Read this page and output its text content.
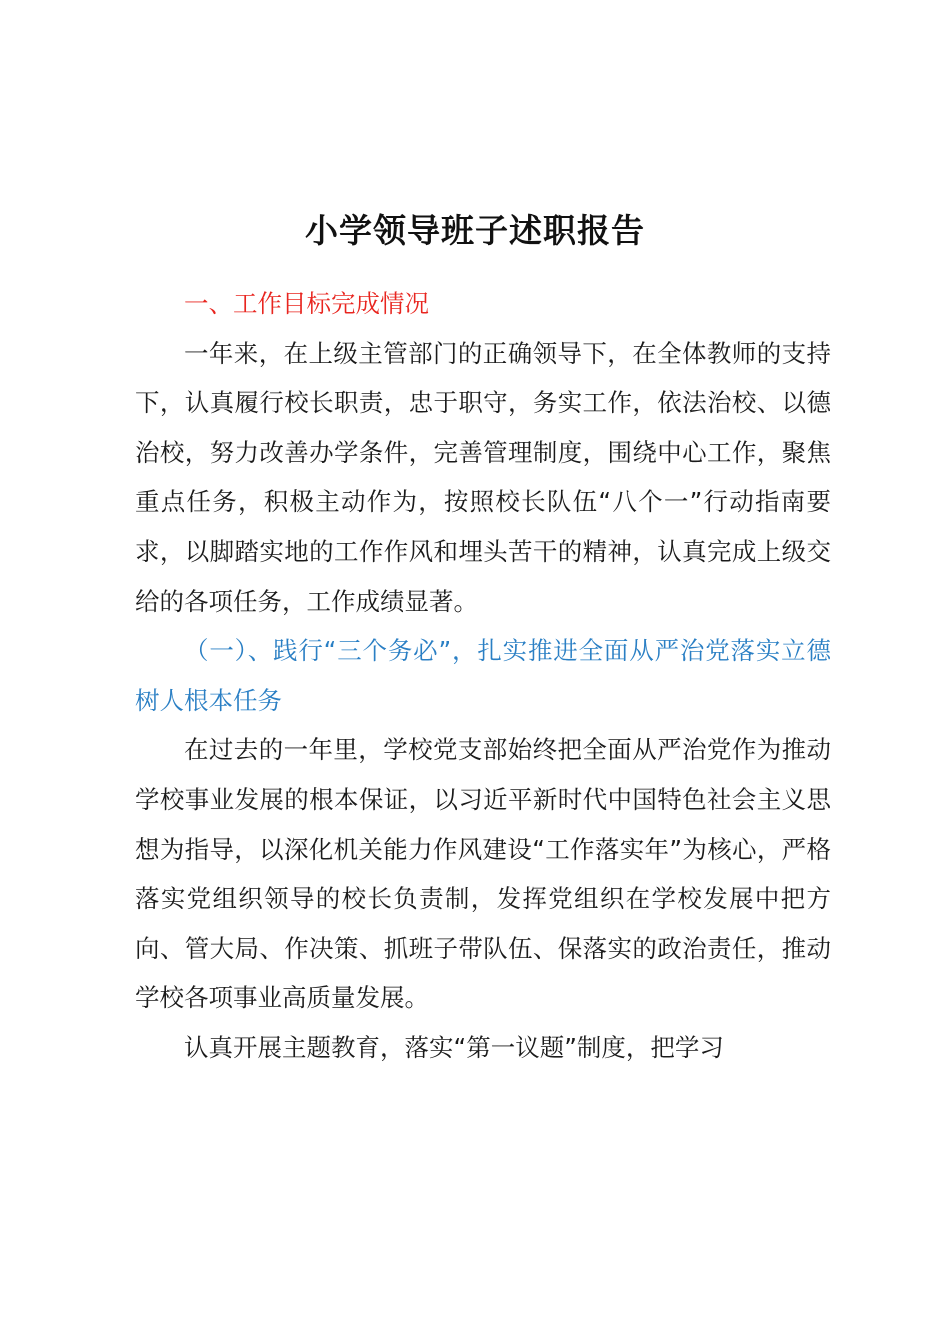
小学领导班子述职报告

一、工作目标完成情况

一年来，在上级主管部门的正确领导下，在全体教师的支持下，认真履行校长职责，忠于职守，务实工作，依法治校、以德治校，努力改善办学条件，完善管理制度，围绕中心工作，聚焦重点任务，积极主动作为，按照校长队伍“八个一”行动指南要求，以脚踏实地的工作作风和埋头苦干的精神，认真完成上级交给的各项任务，工作成绩显著。

（一）、践行“三个务必”，扎实推进全面从严治党落实立德树人根本任务

在过去的一年里，学校党支部始终把全面从严治党作为推动学校事业发展的根本保证，以习近平新时代中国特色社会主义思想为指导，以深化机关能力作风建设“工作落实年”为核心，严格落实党组织领导的校长负责制，发挥党组织在学校发展中把方向、管大局、作决策、抓班子带队伍、保落实的政治责任，推动学校各项事业高质量发展。

认真开展主题教育，落实“第一议题”制度，把学习
